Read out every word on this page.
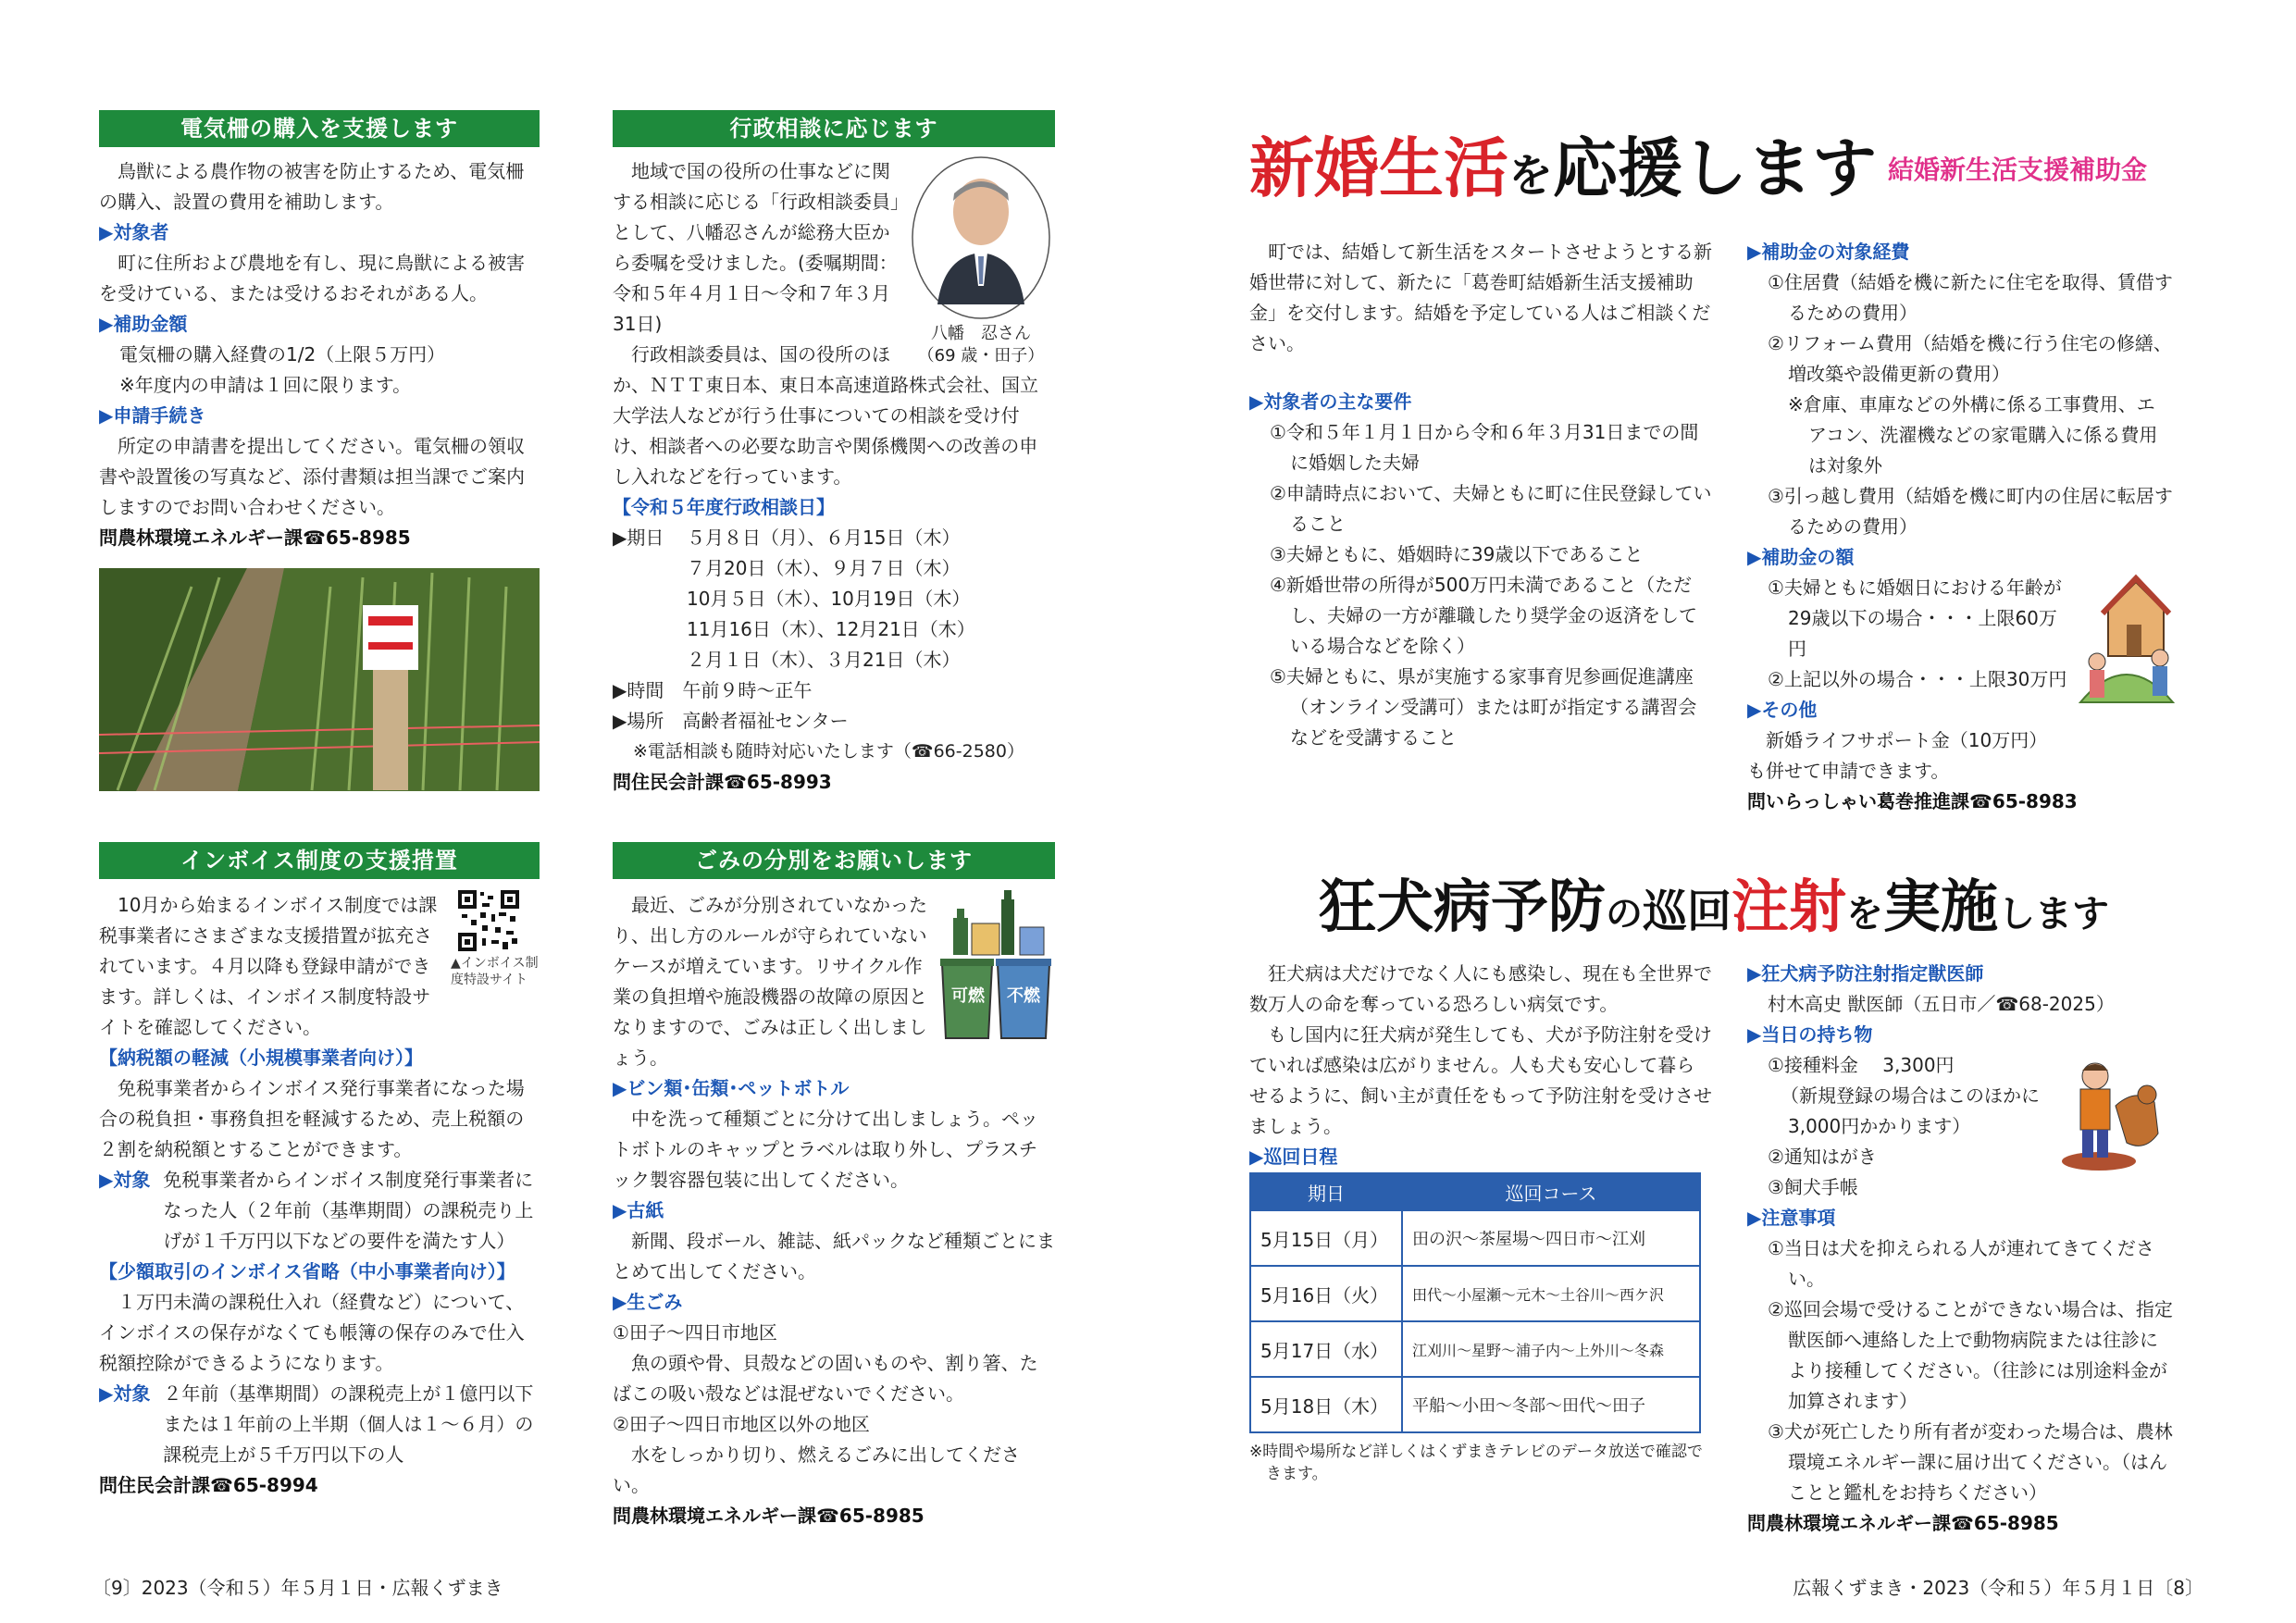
電気柵の購入を支援します

鳥獣による農作物の被害を防止するため、電気柵の購入、設置の費用を補助します。

▶ 対象者

町に住所および農地を有し、現に鳥獣による被害を受けている、または受けるおそれがある人。

▶ 補助金額

電気柵の購入経費の1/2（上限５万円）

※年度内の申請は１回に限ります。

▶ 申請手続き

所定の申請書を提出してください。電気柵の領収書や設置後の写真など、添付書類は担当課でご案内しますのでお問い合わせください。

問農林環境エネルギー課☎65-8985

インボイス制度の支援措置
▲インボイス制度特設サイト

10月から始まるインボイス制度では課税事業者にさまざまな支援措置が拡充されています。４月以降も登録申請ができます。詳しくは、インボイス制度特設サイトを確認してください。

【納税額の軽減（小規模事業者向け）】

免税事業者からインボイス発行事業者になった場合の税負担・事務負担を軽減するため、売上税額の２割を納税額とすることができます。

▶対象 免税事業者からインボイス制度発行事業者になった人（２年前（基準期間）の課税売り上げが１千万円以下などの要件を満たす人）

【少額取引のインボイス省略（中小事業者向け）】

１万円未満の課税仕入れ（経費など）について、インボイスの保存がなくても帳簿の保存のみで仕入税額控除ができるようになります。

▶対象 ２年前（基準期間）の課税売上が１億円以下または１年前の上半期（個人は１～６月）の課税売上が５千万円以下の人

問住民会計課☎65-8994

行政相談に応じます
八幡　忍さん
（69 歳・田子）

地域で国の役所の仕事などに関する相談に応じる「行政相談委員」として、八幡忍さんが総務大臣から委嘱を受けました。(委嘱期間：令和５年４月１日～令和７年３月31日)

行政相談委員は、国の役所のほか、ＮＴＴ東日本、東日本高速道路株式会社、国立大学法人などが行う仕事についての相談を受け付け、相談者への必要な助言や関係機関への改善の申し入れなどを行っています。

【令和５年度行政相談日】

▶期日	５月８日（月）、６月15日（木）

７月20日（木）、９月７日（木）

10月５日（木）、10月19日（木）

11月16日（木）、12月21日（木）

２月１日（木）、３月21日（木）

▶時間　午前９時～正午

▶場所　高齢者福祉センター

※電話相談も随時対応いたします（☎66-2580）

問住民会計課☎65-8993

ごみの分別をお願いします
可燃 不燃

最近、ごみが分別されていなかったり、出し方のルールが守られていないケースが増えています。リサイクル作業の負担増や施設機器の故障の原因となりますので、ごみは正しく出しましょう。

▶ ビン類･缶類･ペットボトル

中を洗って種類ごとに分けて出しましょう。ペットボトルのキャップとラベルは取り外し、プラスチック製容器包装に出してください。

▶ 古紙

新聞、段ボール、雑誌、紙パックなど種類ごとにまとめて出してください。

▶ 生ごみ

①田子～四日市地区

魚の頭や骨、貝殻などの固いものや、割り箸、たばこの吸い殻などは混ぜないでください。

②田子～四日市地区以外の地区

水をしっかり切り、燃えるごみに出してください。

問農林環境エネルギー課☎65-8985

新婚生活を応援します 結婚新生活支援補助金

町では、結婚して新生活をスタートさせようとする新婚世帯に対して、新たに「葛巻町結婚新生活支援補助金」を交付します。結婚を予定している人はご相談ください。

▶ 対象者の主な要件

①令和５年１月１日から令和６年３月31日までの間に婚姻した夫婦

②申請時点において、夫婦ともに町に住民登録していること

③夫婦ともに、婚姻時に39歳以下であること

④新婚世帯の所得が500万円未満であること（ただし、夫婦の一方が離職したり奨学金の返済をしている場合などを除く）

⑤夫婦ともに、県が実施する家事育児参画促進講座（オンライン受講可）または町が指定する講習会などを受講すること

▶ 補助金の対象経費

①住居費（結婚を機に新たに住宅を取得、賃借するための費用）

②リフォーム費用（結婚を機に行う住宅の修繕、増改築や設備更新の費用）

※倉庫、車庫などの外構に係る工事費用、エアコン、洗濯機などの家電購入に係る費用は対象外

③引っ越し費用（結婚を機に町内の住居に転居するための費用）

▶ 補助金の額

①夫婦ともに婚姻日における年齢が29歳以下の場合・・・上限60万円

②上記以外の場合・・・上限30万円

▶ その他

新婚ライフサポート金（10万円）も併せて申請できます。

問いらっしゃい葛巻推進課☎65-8983

狂犬病予防の巡回注射を実施します

狂犬病は犬だけでなく人にも感染し、現在も全世界で数万人の命を奪っている恐ろしい病気です。

もし国内に狂犬病が発生しても、犬が予防注射を受けていれば感染は広がりません。人も犬も安心して暮らせるように、飼い主が責任をもって予防注射を受けさせましょう。

▶ 巡回日程

期日	巡回コース
5月15日（月）	田の沢～茶屋場～四日市～江刈
5月16日（火）	田代～小屋瀬～元木～土谷川～西ケ沢
5月17日（水）	江刈川～星野～浦子内～上外川～冬森
5月18日（木）	平船～小田～冬部～田代～田子

※時間や場所など詳しくはくずまきテレビのデータ放送で確認できます。

▶ 狂犬病予防注射指定獣医師

村木高史 獣医師（五日市／☎68-2025）

▶ 当日の持ち物

①接種料金　 3,300円

（新規登録の場合はこのほかに3,000円かかります）

②通知はがき

③飼犬手帳

▶ 注意事項

①当日は犬を抑えられる人が連れてきてください。

②巡回会場で受けることができない場合は、指定獣医師へ連絡した上で動物病院または往診により接種してください。（往診には別途料金が加算されます）

③犬が死亡したり所有者が変わった場合は、農林環境エネルギー課に届け出てください。（はんことと鑑札をお持ちください）

問農林環境エネルギー課☎65-8985

〔9〕2023（令和５）年５月１日・広報くずまき	広報くずまき・2023（令和５）年５月１日〔8〕
